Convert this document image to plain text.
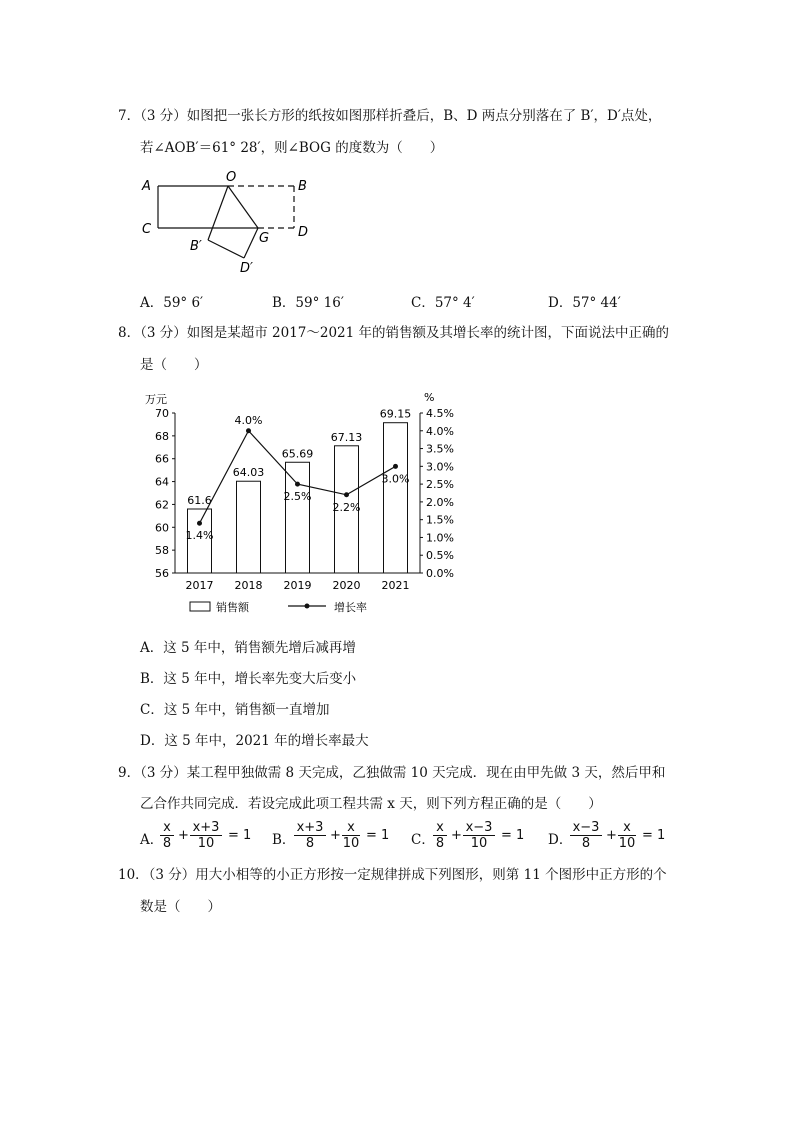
7．（3 分）如图把一张长方形的纸按如图那样折叠后，B、D 两点分别落在了 B′，D′点处，
若∠AOB′＝61° 28′，则∠BOG 的度数为（　　）
A
O
B
C
G D
B′
D′
A．59° 6′	B．59° 16′	C．57° 4′	D．57° 44′
8．（3 分）如图是某超市 2017～2021 年的销售额及其增长率的统计图，下面说法中正确的
是（　　）
56
58
60
62
64
66
68
70
万元
0.0%
0.5%
1.0%
1.5%
2.0%
2.5%
3.0%
3.5%
4.0%
4.5%
%
2017 2018 2019 2020 2021
61.6
64.03
65.69
67.13
69.15
1.4%
4.0%
2.5%
2.2%
3.0%
销售额	增长率
A．这 5 年中，销售额先增后减再增
B．这 5 年中，增长率先变大后变小
C．这 5 年中，销售额一直增加
D．这 5 年中，2021 年的增长率最大
9．（3 分）某工程甲独做需 8 天完成，乙独做需 10 天完成．现在由甲先做 3 天，然后甲和
乙合作共同完成．若设完成此项工程共需 x 天，则下列方程正确的是（　　）
A．
x
8
+
x+3
10
= 1 B．
x+3
8
+
x
10
= 1 C．
x
8
+
x−3
10
= 1 D．
x−3
8
+
x
10
= 1
10．（3 分）用大小相等的小正方形按一定规律拼成下列图形，则第 11 个图形中正方形的个
数是（　　）
